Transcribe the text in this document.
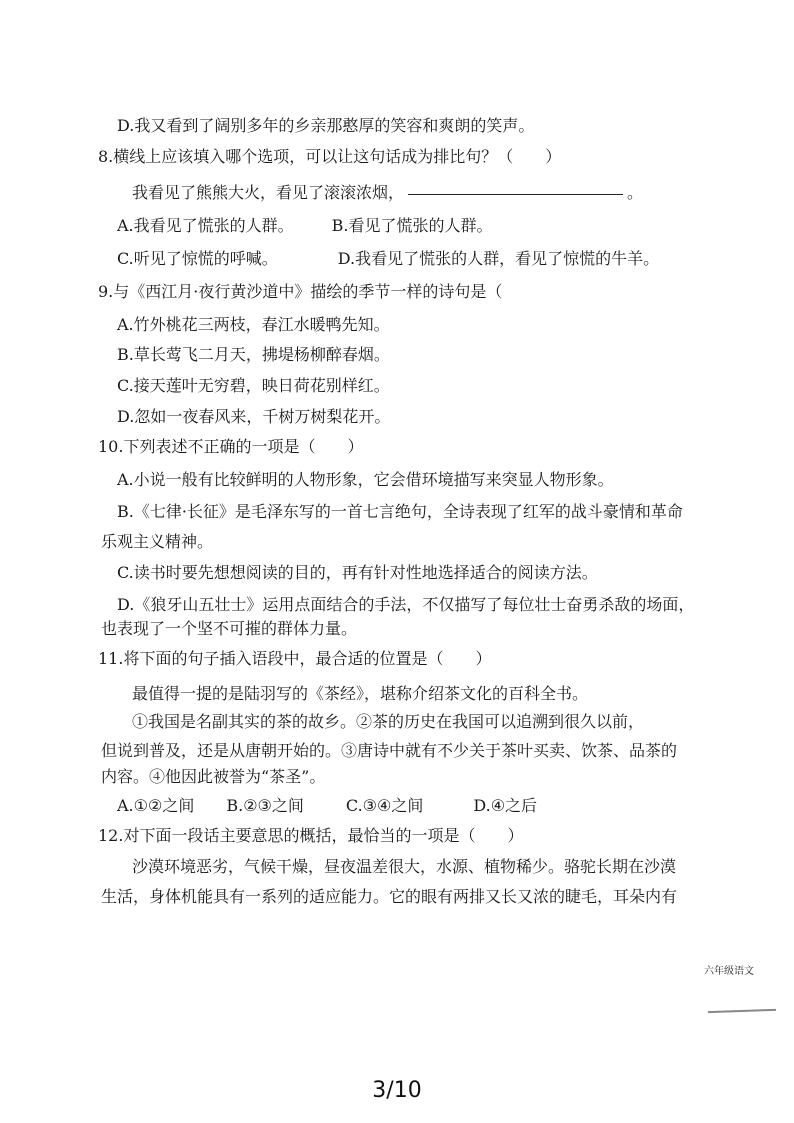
D.我又看到了阔别多年的乡亲那憨厚的笑容和爽朗的笑声。
8.横线上应该填入哪个选项，可以让这句话成为排比句？（　　）
我看见了熊熊大火，看见了滚滚浓烟，	。
A.我看见了慌张的人群。 B.看见了慌张的人群。
C.听见了惊慌的呼喊。	D.我看见了慌张的人群，看见了惊慌的牛羊。
9.与《西江月·夜行黄沙道中》描绘的季节一样的诗句是（
A.竹外桃花三两枝，春江水暖鸭先知。
B.草长莺飞二月天，拂堤杨柳醉春烟。
C.接天莲叶无穷碧，映日荷花别样红。
D.忽如一夜春风来，千树万树梨花开。
10.下列表述不正确的一项是（　　）
A.小说一般有比较鲜明的人物形象，它会借环境描写来突显人物形象。
B.《七律·长征》是毛泽东写的一首七言绝句，全诗表现了红军的战斗豪情和革命
乐观主义精神。
C.读书时要先想想阅读的目的，再有针对性地选择适合的阅读方法。
D.《狼牙山五壮士》运用点面结合的手法，不仅描写了每位壮士奋勇杀敌的场面，
也表现了一个坚不可摧的群体力量。
11.将下面的句子插入语段中，最合适的位置是（　　）
最值得一提的是陆羽写的《茶经》，堪称介绍茶文化的百科全书。
①我国是名副其实的茶的故乡。②茶的历史在我国可以追溯到很久以前，
但说到普及，还是从唐朝开始的。③唐诗中就有不少关于茶叶买卖、饮茶、品茶的
内容。④他因此被誉为“茶圣”。
A.①②之间 B.②③之间	C.③④之间	D.④之后
12.对下面一段话主要意思的概括，最恰当的一项是（　　）
沙漠环境恶劣，气候干燥，昼夜温差很大，水源、植物稀少。骆驼长期在沙漠
生活，身体机能具有一系列的适应能力。它的眼有两排又长又浓的睫毛，耳朵内有
六年级语文
3/10
